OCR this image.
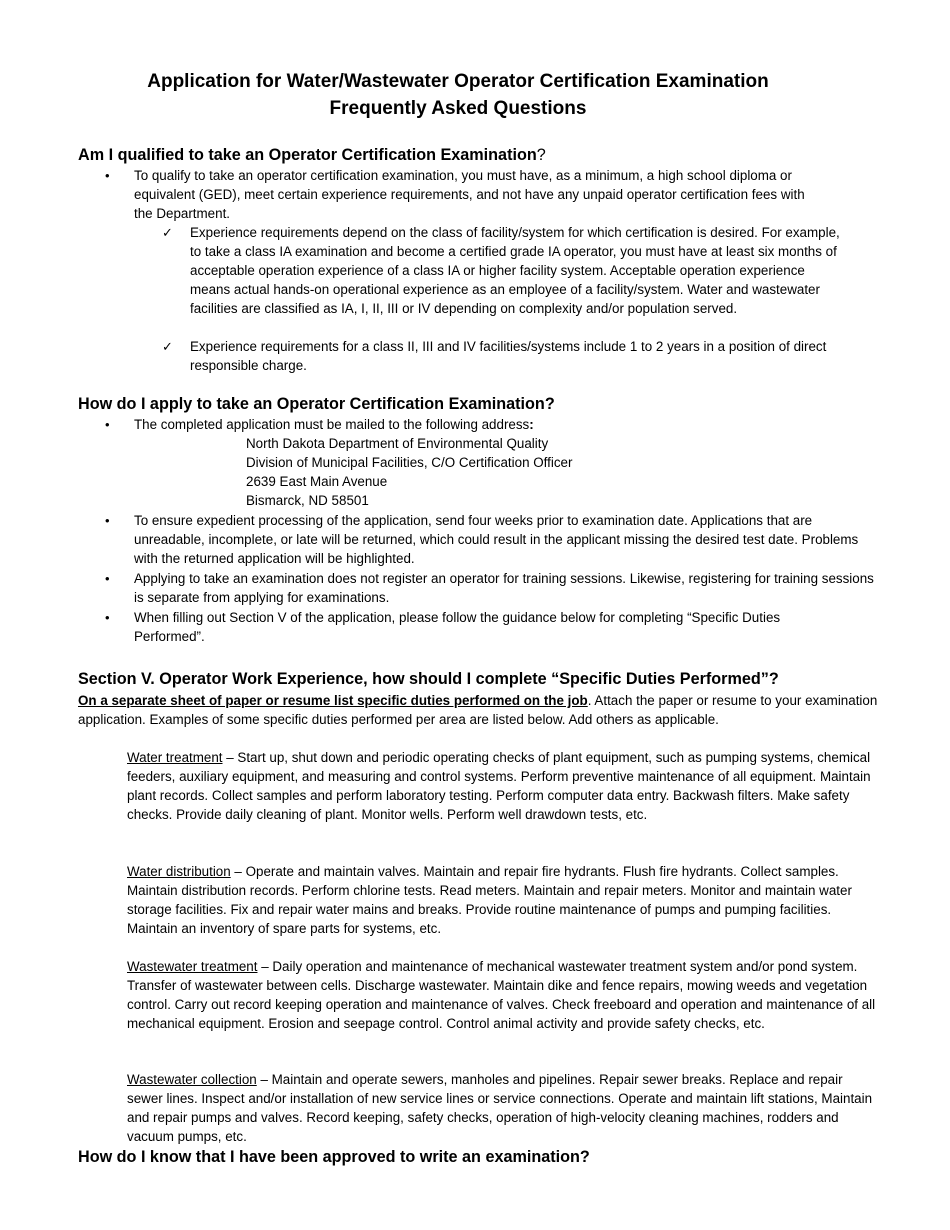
Application for Water/Wastewater Operator Certification Examination
Frequently Asked Questions
Am I qualified to take an Operator Certification Examination?
•	To qualify to take an operator certification examination, you must have, as a minimum, a high school diploma or equivalent (GED), meet certain experience requirements, and not have any unpaid operator certification fees with the Department.
✓ Experience requirements depend on the class of facility/system for which certification is desired. For example, to take a class IA examination and become a certified grade IA operator, you must have at least six months of acceptable operation experience of a class IA or higher facility system. Acceptable operation experience means actual hands-on operational experience as an employee of a facility/system. Water and wastewater facilities are classified as IA, I, II, III or IV depending on complexity and/or population served.
✓ Experience requirements for a class II, III and IV facilities/systems include 1 to 2 years in a position of direct responsible charge.
How do I apply to take an Operator Certification Examination?
•	The completed application must be mailed to the following address:
North Dakota Department of Environmental Quality
Division of Municipal Facilities, C/O Certification Officer
2639 East Main Avenue
Bismarck, ND 58501
•	To ensure expedient processing of the application, send four weeks prior to examination date. Applications that are unreadable, incomplete, or late will be returned, which could result in the applicant missing the desired test date. Problems with the returned application will be highlighted.
•	Applying to take an examination does not register an operator for training sessions. Likewise, registering for training sessions is separate from applying for examinations.
•	When filling out Section V of the application, please follow the guidance below for completing “Specific Duties Performed”.
Section V. Operator Work Experience, how should I complete “Specific Duties Performed”?
On a separate sheet of paper or resume list specific duties performed on the job. Attach the paper or resume to your examination application. Examples of some specific duties performed per area are listed below. Add others as applicable.
Water treatment – Start up, shut down and periodic operating checks of plant equipment, such as pumping systems, chemical feeders, auxiliary equipment, and measuring and control systems. Perform preventive maintenance of all equipment. Maintain plant records. Collect samples and perform laboratory testing. Perform computer data entry. Backwash filters. Make safety checks. Provide daily cleaning of plant. Monitor wells. Perform well drawdown tests, etc.
Water distribution – Operate and maintain valves. Maintain and repair fire hydrants. Flush fire hydrants. Collect samples. Maintain distribution records. Perform chlorine tests. Read meters. Maintain and repair meters. Monitor and maintain water storage facilities. Fix and repair water mains and breaks. Provide routine maintenance of pumps and pumping facilities. Maintain an inventory of spare parts for systems, etc.
Wastewater treatment – Daily operation and maintenance of mechanical wastewater treatment system and/or pond system. Transfer of wastewater between cells. Discharge wastewater. Maintain dike and fence repairs, mowing weeds and vegetation control. Carry out record keeping operation and maintenance of valves. Check freeboard and operation and maintenance of all mechanical equipment. Erosion and seepage control. Control animal activity and provide safety checks, etc.
Wastewater collection – Maintain and operate sewers, manholes and pipelines. Repair sewer breaks. Replace and repair sewer lines. Inspect and/or installation of new service lines or service connections. Operate and maintain lift stations, Maintain and repair pumps and valves. Record keeping, safety checks, operation of high-velocity cleaning machines, rodders and vacuum pumps, etc.
How do I know that I have been approved to write an examination?
